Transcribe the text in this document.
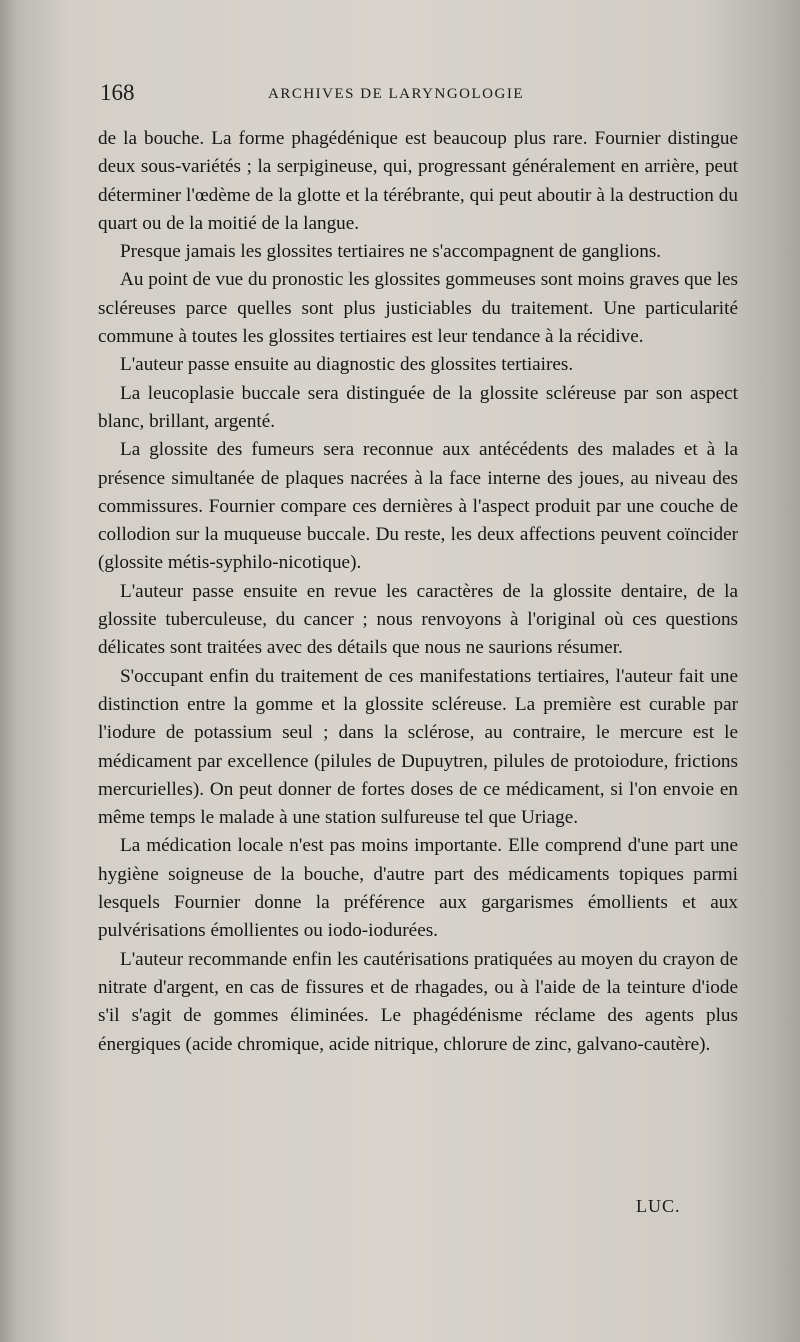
168	ARCHIVES DE LARYNGOLOGIE

de la bouche. La forme phagédénique est beaucoup plus rare. Fournier distingue deux sous-variétés ; la serpigineuse, qui, progressant généralement en arrière, peut déterminer l'œdème de la glotte et la térébrante, qui peut aboutir à la destruction du quart ou de la moitié de la langue.

Presque jamais les glossites tertiaires ne s'accompagnent de ganglions.

Au point de vue du pronostic les glossites gommeuses sont moins graves que les scléreuses parce quelles sont plus justiciables du traitement. Une particularité commune à toutes les glossites tertiaires est leur tendance à la récidive.

L'auteur passe ensuite au diagnostic des glossites tertiaires.

La leucoplasie buccale sera distinguée de la glossite scléreuse par son aspect blanc, brillant, argenté.

La glossite des fumeurs sera reconnue aux antécédents des malades et à la présence simultanée de plaques nacrées à la face interne des joues, au niveau des commissures. Fournier compare ces dernières à l'aspect produit par une couche de collodion sur la muqueuse buccale. Du reste, les deux affections peuvent coïncider (glossite métis-syphilo-nicotique).

L'auteur passe ensuite en revue les caractères de la glossite dentaire, de la glossite tuberculeuse, du cancer ; nous renvoyons à l'original où ces questions délicates sont traitées avec des détails que nous ne saurions résumer.

S'occupant enfin du traitement de ces manifestations tertiaires, l'auteur fait une distinction entre la gomme et la glossite scléreuse. La première est curable par l'iodure de potassium seul ; dans la sclérose, au contraire, le mercure est le médicament par excellence (pilules de Dupuytren, pilules de protoiodure, frictions mercurielles). On peut donner de fortes doses de ce médicament, si l'on envoie en même temps le malade à une station sulfureuse tel que Uriage.

La médication locale n'est pas moins importante. Elle comprend d'une part une hygiène soigneuse de la bouche, d'autre part des médicaments topiques parmi lesquels Fournier donne la préférence aux gargarismes émollients et aux pulvérisations émollientes ou iodo-iodurées.

L'auteur recommande enfin les cautérisations pratiquées au moyen du crayon de nitrate d'argent, en cas de fissures et de rhagades, ou à l'aide de la teinture d'iode s'il s'agit de gommes éliminées. Le phagédénisme réclame des agents plus énergiques (acide chromique, acide nitrique, chlorure de zinc, galvano-cautère).

LUC.
